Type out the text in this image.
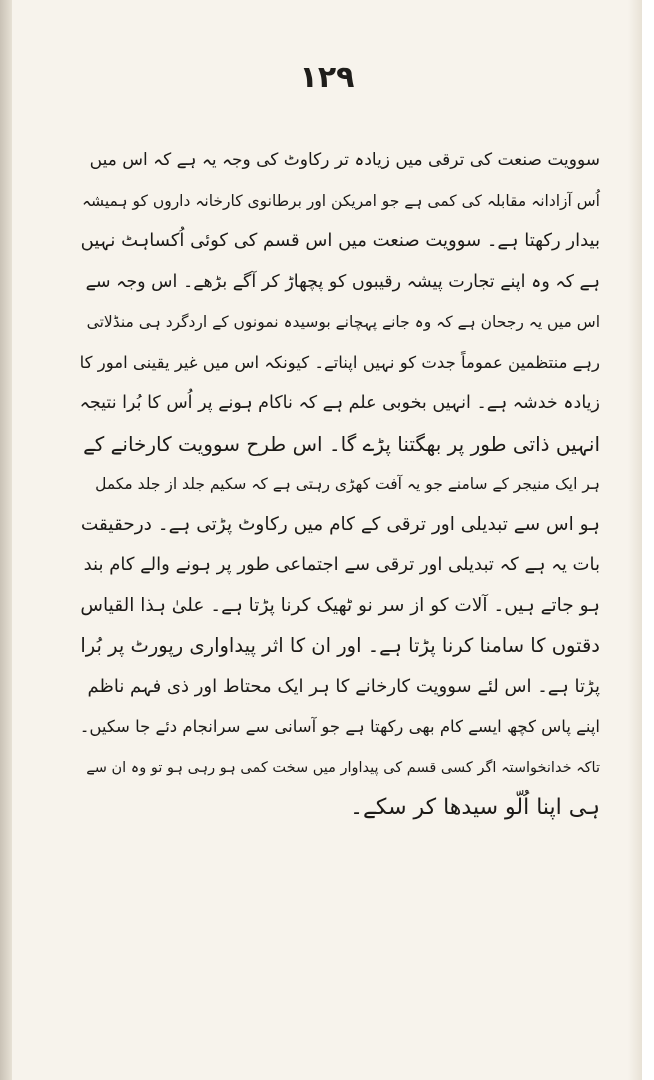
۱۲۹
سوویت صنعت کی ترقی میں زیادہ تر رکاوٹ کی وجہ یہ ہے کہ اس میں
اُس آزادانہ مقابلہ کی کمی ہے جو امریکن اور برطانوی کارخانہ داروں کو ہمیشہ
بیدار رکھتا ہے۔ سوویت صنعت میں اس قسم کی کوئی اُکساہٹ نہیں
ہے کہ وہ اپنے تجارت پیشہ رقیبوں کو پچھاڑ کر آگے بڑھے۔ اس وجہ سے
اس میں یہ رجحان ہے کہ وہ جانے پہچانے بوسیدہ نمونوں کے اردگرد ہی منڈلاتی
رہے منتظمین عموماً جدت کو نہیں اپناتے۔ کیونکہ اس میں غیر یقینی امور کا
زیادہ خدشہ ہے۔ انہیں بخوبی علم ہے کہ ناکام ہونے پر اُس کا بُرا نتیجہ
انہیں ذاتی طور پر بھگتنا پڑے گا۔ اس طرح سوویت کارخانے کے
ہر ایک منیجر کے سامنے جو یہ آفت کھڑی رہتی ہے کہ سکیم جلد از جلد مکمل
ہو اس سے تبدیلی اور ترقی کے کام میں رکاوٹ پڑتی ہے۔ درحقیقت
بات یہ ہے کہ تبدیلی اور ترقی سے اجتماعی طور پر ہونے والے کام بند
ہو جاتے ہیں۔ آلات کو از سر نو ٹھیک کرنا پڑتا ہے۔ علیٰ ہذا القیاس
دقتوں کا سامنا کرنا پڑتا ہے۔ اور ان کا اثر پیداواری رپورٹ پر بُرا
پڑتا ہے۔ اس لئے سوویت کارخانے کا ہر ایک محتاط اور ذی فہم ناظم
اپنے پاس کچھ ایسے کام بھی رکھتا ہے جو آسانی سے سرانجام دئے جا سکیں۔
تاکہ خدانخواستہ اگر کسی قسم کی پیداوار میں سخت کمی ہو رہی ہو تو وہ ان سے
ہی اپنا اُلّو سیدھا کر سکے۔
